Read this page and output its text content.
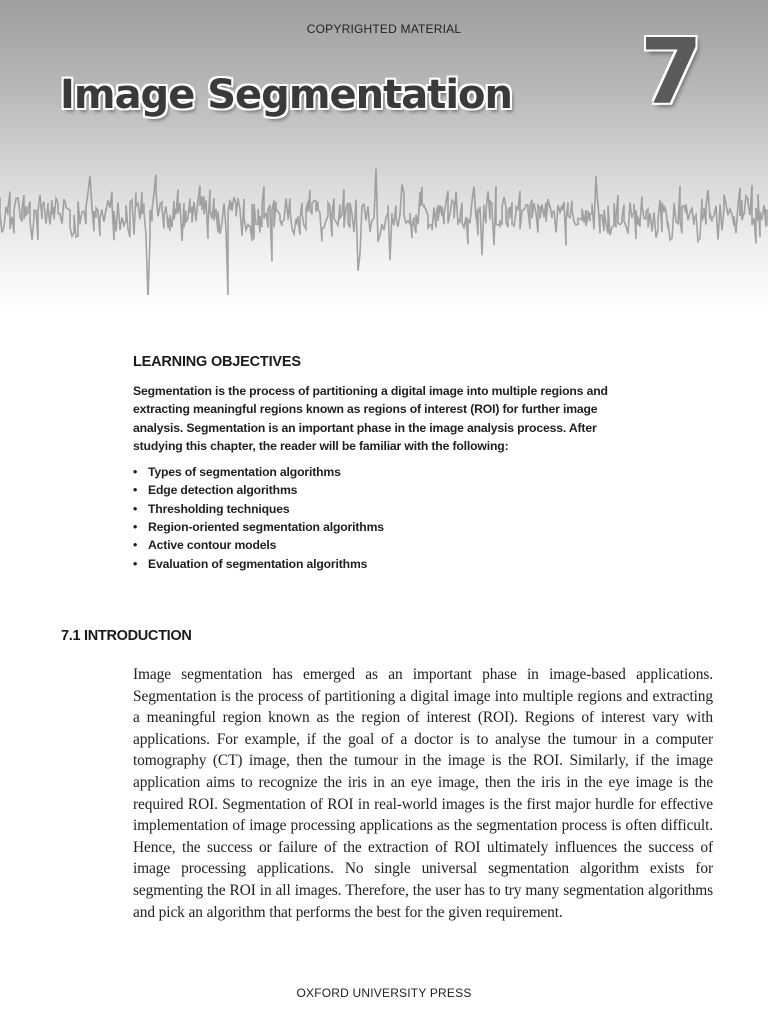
COPYRIGHTED MATERIAL
Image Segmentation 7
LEARNING OBJECTIVES

Segmentation is the process of partitioning a digital image into multiple regions and extracting meaningful regions known as regions of interest (ROI) for further image analysis. Segmentation is an important phase in the image analysis process. After studying this chapter, the reader will be familiar with the following:

• Types of segmentation algorithms
• Edge detection algorithms
• Thresholding techniques
• Region-oriented segmentation algorithms
• Active contour models
• Evaluation of segmentation algorithms
7.1 INTRODUCTION

Image segmentation has emerged as an important phase in image-based applications. Segmentation is the process of partitioning a digital image into multiple regions and extracting a meaningful region known as the region of interest (ROI). Regions of interest vary with applications. For example, if the goal of a doctor is to analyse the tumour in a computer tomography (CT) image, then the tumour in the image is the ROI. Similarly, if the image application aims to recognize the iris in an eye image, then the iris in the eye image is the required ROI. Segmentation of ROI in real-world images is the first major hurdle for effective implementation of image processing applications as the segmentation process is often difficult. Hence, the success or failure of the extraction of ROI ultimately influences the success of image processing applications. No single universal segmentation algorithm exists for segmenting the ROI in all images. Therefore, the user has to try many segmentation algorithms and pick an algorithm that performs the best for the given requirement.

OXFORD UNIVERSITY PRESS
